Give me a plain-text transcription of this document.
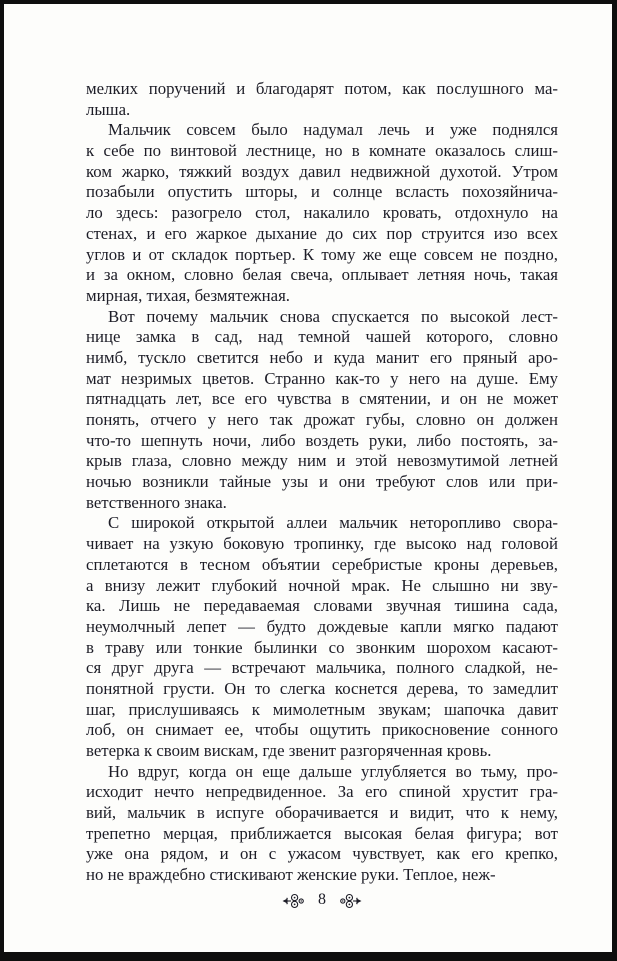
мелких поручений и благодарят потом, как послушного ма-
лыша.
Мальчик совсем было надумал лечь и уже поднялся
к себе по винтовой лестнице, но в комнате оказалось слиш-
ком жарко, тяжкий воздух давил недвижной духотой. Утром
позабыли опустить шторы, и солнце всласть похозяйнича-
ло здесь: разогрело стол, накалило кровать, отдохнуло на
стенах, и его жаркое дыхание до сих пор струится изо всех
углов и от складок портьер. К тому же еще совсем не поздно,
и за окном, словно белая свеча, оплывает летняя ночь, такая
мирная, тихая, безмятежная.
Вот почему мальчик снова спускается по высокой лест-
нице замка в сад, над темной чашей которого, словно
нимб, тускло светится небо и куда манит его пряный аро-
мат незримых цветов. Странно как-то у него на душе. Ему
пятнадцать лет, все его чувства в смятении, и он не может
понять, отчего у него так дрожат губы, словно он должен
что-то шепнуть ночи, либо воздеть руки, либо постоять, за-
крыв глаза, словно между ним и этой невозмутимой летней
ночью возникли тайные узы и они требуют слов или при-
ветственного знака.
С широкой открытой аллеи мальчик неторопливо свора-
чивает на узкую боковую тропинку, где высоко над головой
сплетаются в тесном объятии серебристые кроны деревьев,
а внизу лежит глубокий ночной мрак. Не слышно ни зву-
ка. Лишь не передаваемая словами звучная тишина сада,
неумолчный лепет — будто дождевые капли мягко падают
в траву или тонкие былинки со звонким шорохом касают-
ся друг друга — встречают мальчика, полного сладкой, не-
понятной грусти. Он то слегка коснется дерева, то замедлит
шаг, прислушиваясь к мимолетным звукам; шапочка давит
лоб, он снимает ее, чтобы ощутить прикосновение сонного
ветерка к своим вискам, где звенит разгоряченная кровь.
Но вдруг, когда он еще дальше углубляется во тьму, про-
исходит нечто непредвиденное. За его спиной хрустит гра-
вий, мальчик в испуге оборачивается и видит, что к нему,
трепетно мерцая, приближается высокая белая фигура; вот
уже она рядом, и он с ужасом чувствует, как его крепко,
но не враждебно стискивают женские руки. Теплое, неж-
8
